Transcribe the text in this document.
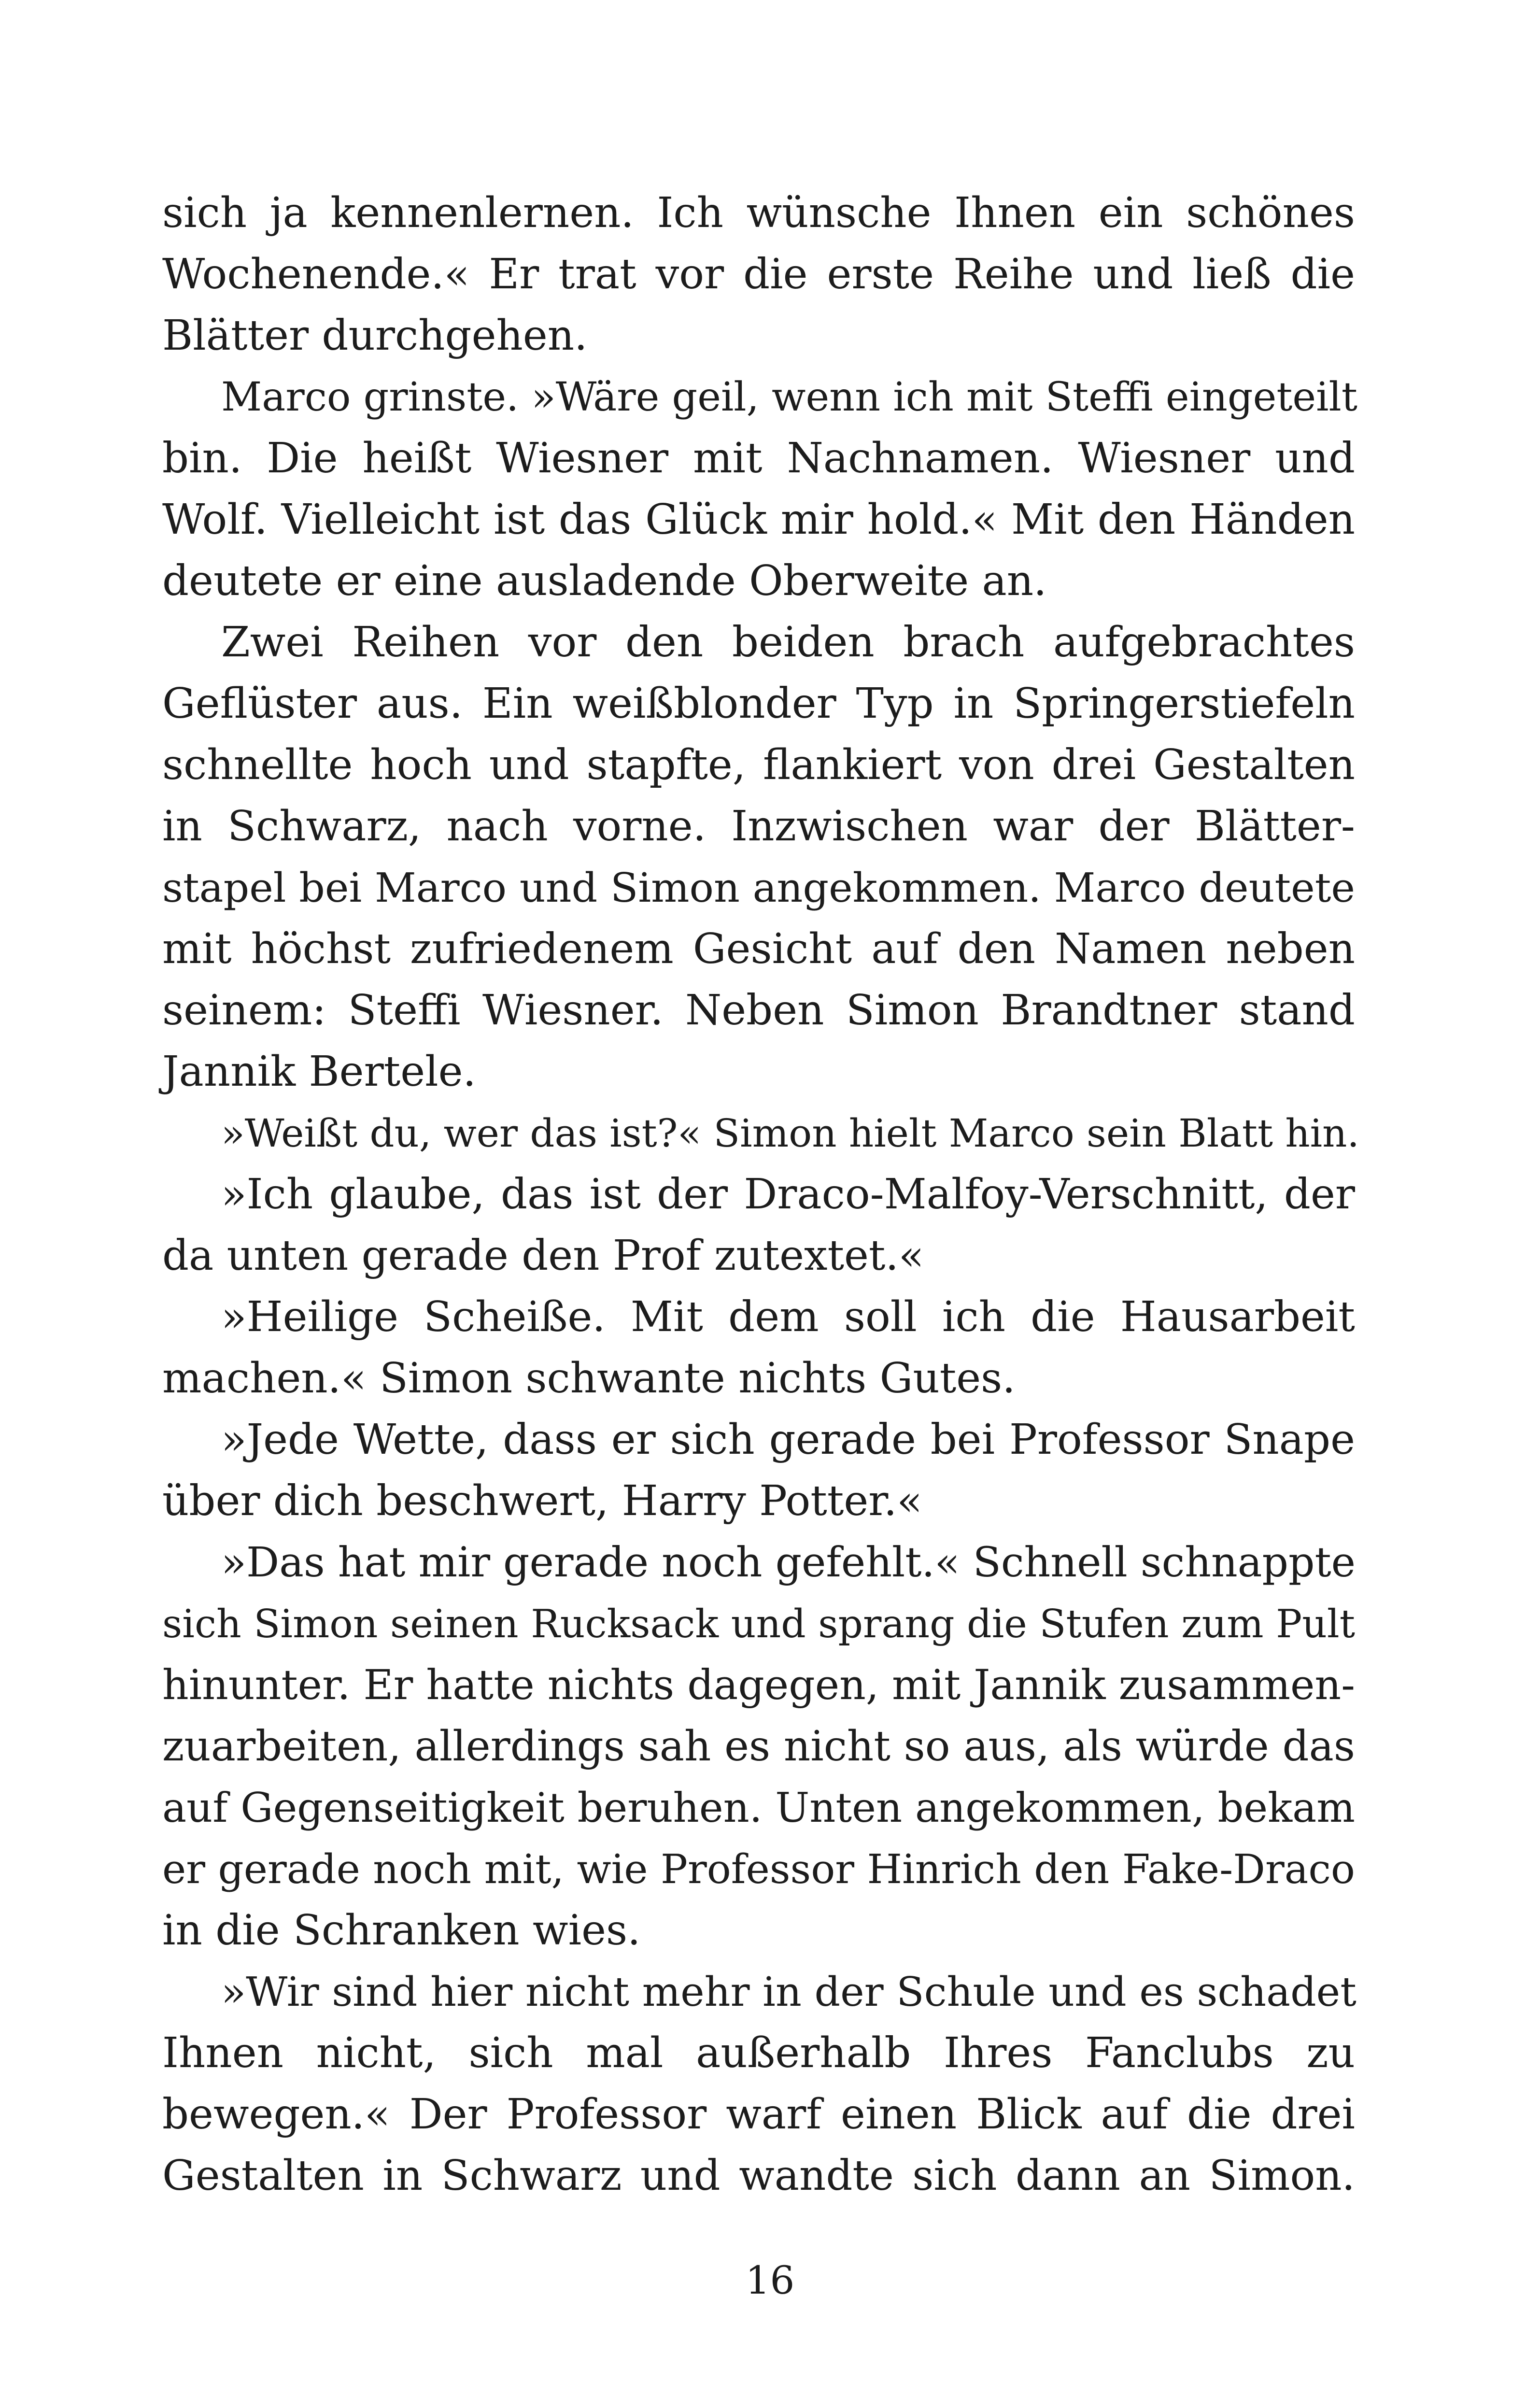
sich ja kennenlernen. Ich wünsche Ihnen ein schönes
Wochenende.« Er trat vor die erste Reihe und ließ die
Blätter durchgehen.
Marco grinste. »Wäre geil, wenn ich mit Steffi eingeteilt
bin. Die heißt Wiesner mit Nachnamen. Wiesner und
Wolf. Vielleicht ist das Glück mir hold.« Mit den Händen
deutete er eine ausladende Oberweite an.
Zwei Reihen vor den beiden brach aufgebrachtes
Geflüster aus. Ein weißblonder Typ in Springerstiefeln
schnellte hoch und stapfte, flankiert von drei Gestalten
in Schwarz, nach vorne. Inzwischen war der Blätter-
stapel bei Marco und Simon angekommen. Marco deutete
mit höchst zufriedenem Gesicht auf den Namen neben
seinem: Steffi Wiesner. Neben Simon Brandtner stand
Jannik Bertele.
»Weißt du, wer das ist?« Simon hielt Marco sein Blatt hin.
»Ich glaube, das ist der Draco-Malfoy-Verschnitt, der
da unten gerade den Prof zutextet.«
»Heilige Scheiße. Mit dem soll ich die Hausarbeit
machen.« Simon schwante nichts Gutes.
»Jede Wette, dass er sich gerade bei Professor Snape
über dich beschwert, Harry Potter.«
»Das hat mir gerade noch gefehlt.« Schnell schnappte
sich Simon seinen Rucksack und sprang die Stufen zum Pult
hinunter. Er hatte nichts dagegen, mit Jannik zusammen-
zuarbeiten, allerdings sah es nicht so aus, als würde das
auf Gegenseitigkeit beruhen. Unten angekommen, bekam
er gerade noch mit, wie Professor Hinrich den Fake-Draco
in die Schranken wies.
»Wir sind hier nicht mehr in der Schule und es schadet
Ihnen nicht, sich mal außerhalb Ihres Fanclubs zu
bewegen.« Der Professor warf einen Blick auf die drei
Gestalten in Schwarz und wandte sich dann an Simon.
16
